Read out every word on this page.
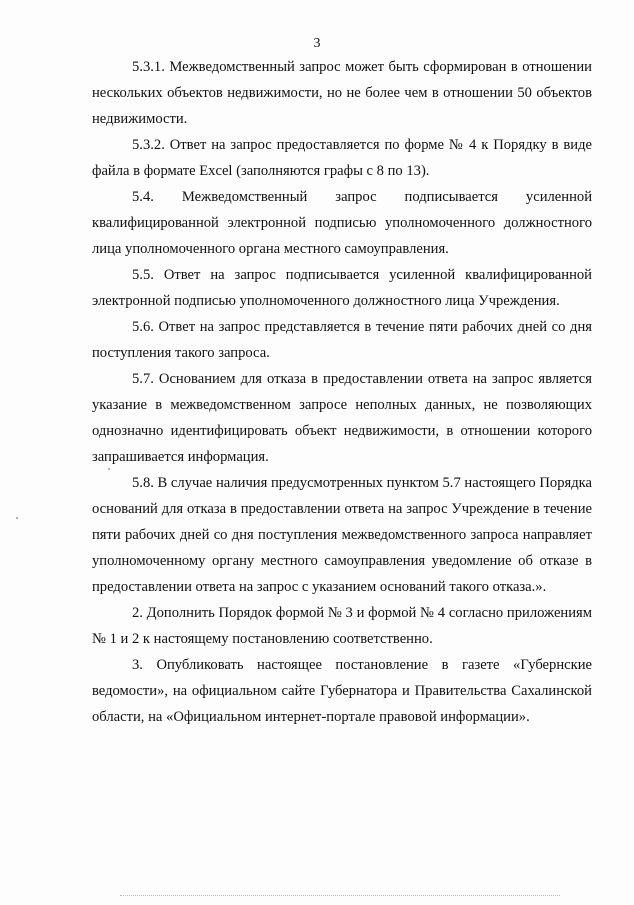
3

5.3.1. Межведомственный запрос может быть сформирован в отношении нескольких объектов недвижимости, но не более чем в отношении 50 объектов недвижимости.

5.3.2. Ответ на запрос предоставляется по форме № 4 к Порядку в виде файла в формате Excel (заполняются графы с 8 по 13).

5.4. Межведомственный запрос подписывается усиленной квалифицированной электронной подписью уполномоченного должностного лица уполномоченного органа местного самоуправления.

5.5. Ответ на запрос подписывается усиленной квалифицированной электронной подписью уполномоченного должностного лица Учреждения.

5.6. Ответ на запрос представляется в течение пяти рабочих дней со дня поступления такого запроса.

5.7. Основанием для отказа в предоставлении ответа на запрос является указание в межведомственном запросе неполных данных, не позволяющих однозначно идентифицировать объект недвижимости, в отношении которого запрашивается информация.

5.8. В случае наличия предусмотренных пунктом 5.7 настоящего Порядка оснований для отказа в предоставлении ответа на запрос Учреждение в течение пяти рабочих дней со дня поступления межведомственного запроса направляет уполномоченному органу местного самоуправления уведомление об отказе в предоставлении ответа на запрос с указанием оснований такого отказа.».

2. Дополнить Порядок формой № 3 и формой № 4 согласно приложениям № 1 и 2 к настоящему постановлению соответственно.

3. Опубликовать настоящее постановление в газете «Губернские ведомости», на официальном сайте Губернатора и Правительства Сахалинской области, на «Официальном интернет-портале правовой информации».
